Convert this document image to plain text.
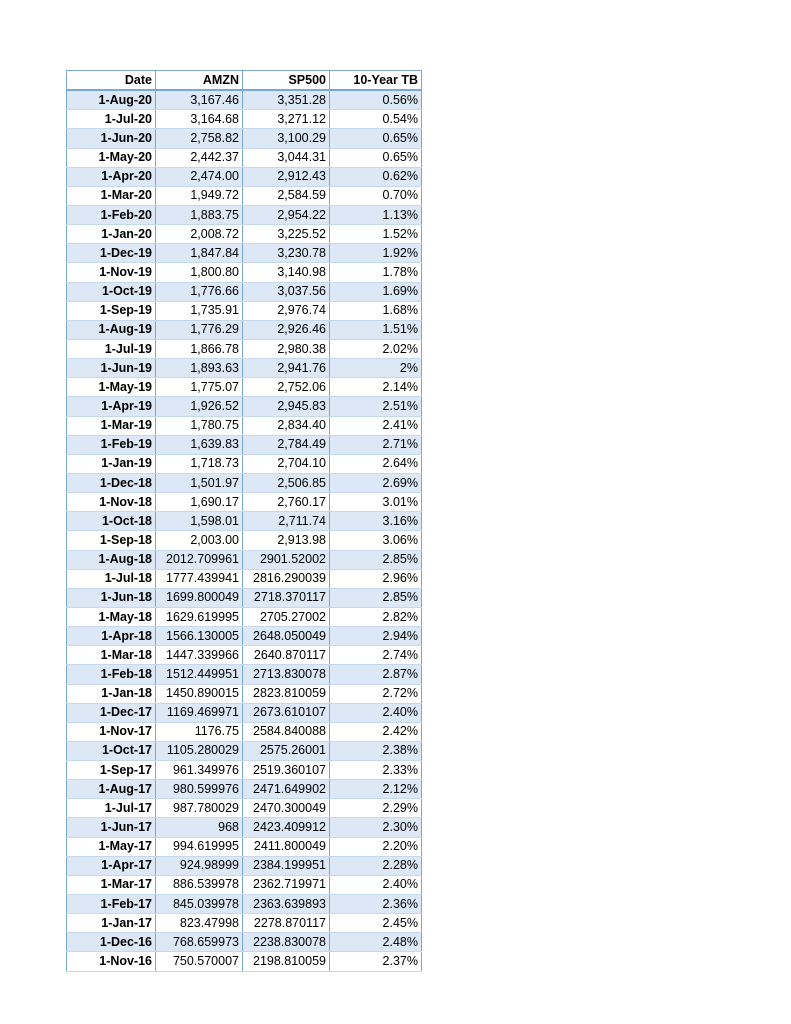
Date	AMZN	SP500	10-Year TB
1-Aug-20	3,167.46	3,351.28	0.56%
1-Jul-20	3,164.68	3,271.12	0.54%
1-Jun-20	2,758.82	3,100.29	0.65%
1-May-20	2,442.37	3,044.31	0.65%
1-Apr-20	2,474.00	2,912.43	0.62%
1-Mar-20	1,949.72	2,584.59	0.70%
1-Feb-20	1,883.75	2,954.22	1.13%
1-Jan-20	2,008.72	3,225.52	1.52%
1-Dec-19	1,847.84	3,230.78	1.92%
1-Nov-19	1,800.80	3,140.98	1.78%
1-Oct-19	1,776.66	3,037.56	1.69%
1-Sep-19	1,735.91	2,976.74	1.68%
1-Aug-19	1,776.29	2,926.46	1.51%
1-Jul-19	1,866.78	2,980.38	2.02%
1-Jun-19	1,893.63	2,941.76	2%
1-May-19	1,775.07	2,752.06	2.14%
1-Apr-19	1,926.52	2,945.83	2.51%
1-Mar-19	1,780.75	2,834.40	2.41%
1-Feb-19	1,639.83	2,784.49	2.71%
1-Jan-19	1,718.73	2,704.10	2.64%
1-Dec-18	1,501.97	2,506.85	2.69%
1-Nov-18	1,690.17	2,760.17	3.01%
1-Oct-18	1,598.01	2,711.74	3.16%
1-Sep-18	2,003.00	2,913.98	3.06%
1-Aug-18	2012.709961	2901.52002	2.85%
1-Jul-18	1777.439941	2816.290039	2.96%
1-Jun-18	1699.800049	2718.370117	2.85%
1-May-18	1629.619995	2705.27002	2.82%
1-Apr-18	1566.130005	2648.050049	2.94%
1-Mar-18	1447.339966	2640.870117	2.74%
1-Feb-18	1512.449951	2713.830078	2.87%
1-Jan-18	1450.890015	2823.810059	2.72%
1-Dec-17	1169.469971	2673.610107	2.40%
1-Nov-17	1176.75	2584.840088	2.42%
1-Oct-17	1105.280029	2575.26001	2.38%
1-Sep-17	961.349976	2519.360107	2.33%
1-Aug-17	980.599976	2471.649902	2.12%
1-Jul-17	987.780029	2470.300049	2.29%
1-Jun-17	968	2423.409912	2.30%
1-May-17	994.619995	2411.800049	2.20%
1-Apr-17	924.98999	2384.199951	2.28%
1-Mar-17	886.539978	2362.719971	2.40%
1-Feb-17	845.039978	2363.639893	2.36%
1-Jan-17	823.47998	2278.870117	2.45%
1-Dec-16	768.659973	2238.830078	2.48%
1-Nov-16	750.570007	2198.810059	2.37%
